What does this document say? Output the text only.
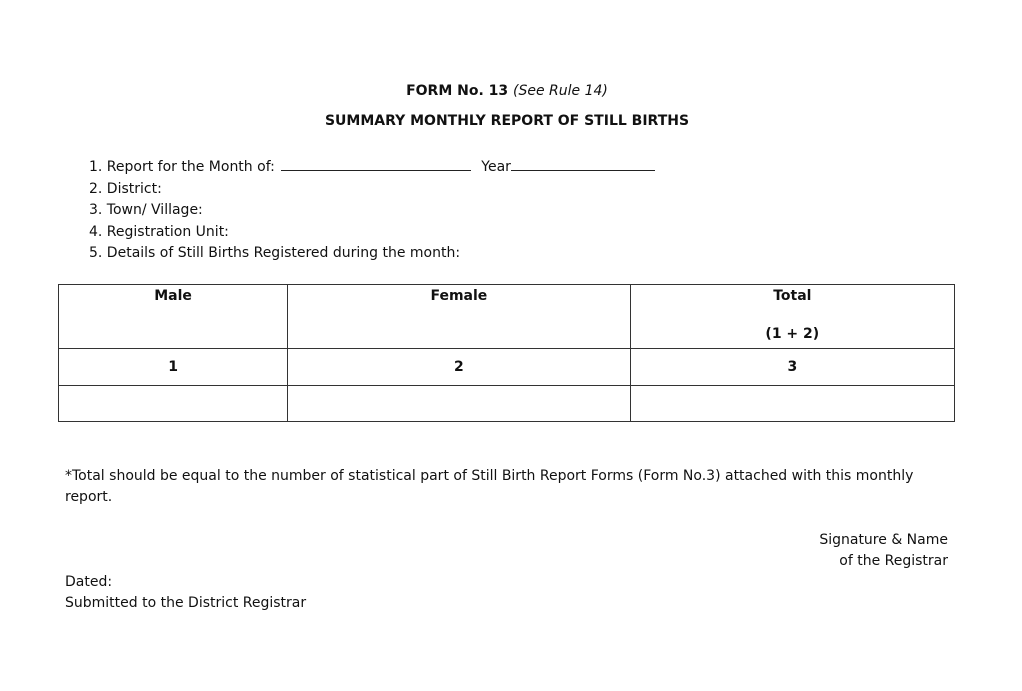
FORM No. 13 (See Rule 14)
SUMMARY MONTHLY REPORT OF STILL BIRTHS
1. Report for the Month of:	Year
2. District:
3. Town/ Village:
4. Registration Unit:
5. Details of Still Births Registered during the month:
Male	Female	Total
(1 + 2)

1	2	3

*Total should be equal to the number of statistical part of Still Birth Report Forms (Form No.3) attached with this monthly report.
Signature & Name
of the Registrar
Dated:
Submitted to the District Registrar
